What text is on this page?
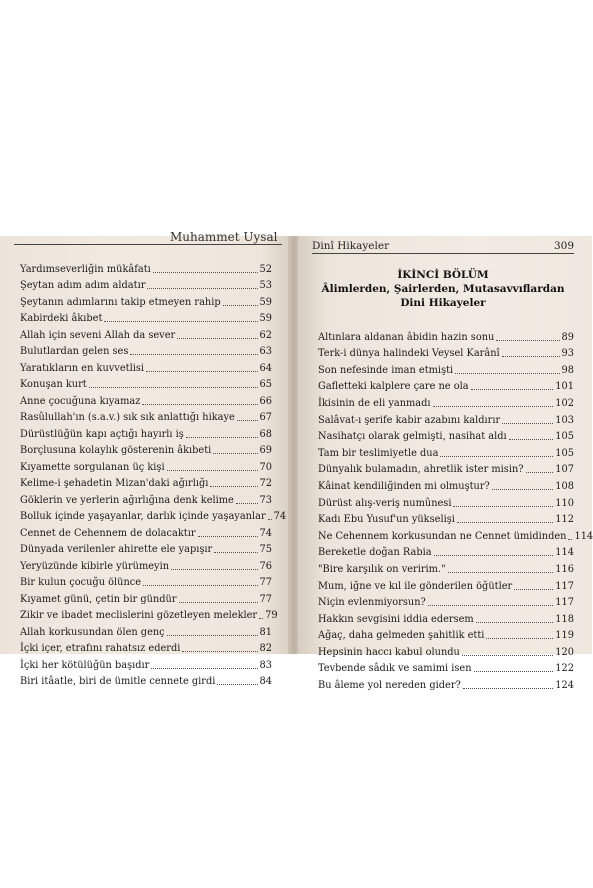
Muhammet Uysal
Yardımseverliğin mükâfatı	52
Şeytan adım adım aldatır	53
Şeytanın adımlarını takip etmeyen rahip	59
Kabirdeki âkıbet	59
Allah için seveni Allah da sever	62
Bulutlardan gelen ses	63
Yaratıkların en kuvvetlisi	64
Konuşan kurt	65
Anne çocuğuna kıyamaz	66
Rasûlullah'ın (s.a.v.) sık sık anlattığı hikaye	67
Dürüstlüğün kapı açtığı hayırlı iş	68
Borçlusuna kolaylık gösterenin âkıbeti	69
Kıyamette sorgulanan üç kişi	70
Kelime-i şehadetin Mizan'daki ağırlığı	72
Göklerin ve yerlerin ağırlığına denk kelime	73
Bolluk içinde yaşayanlar, darlık içinde yaşayanlar 74
Cennet de Cehennem de dolacaktır	74
Dünyada verilenler ahirette ele yapışır	75
Yeryüzünde kibirle yürümeyin	76
Bir kulun çocuğu ölünce	77
Kıyamet günü, çetin bir gündür	77
Zikir ve ibadet meclislerini gözetleyen melekler 79
Allah korkusundan ölen genç	81
İçki içer, etrafını rahatsız ederdi	82
İçki her kötülüğün başıdır	83
Biri itâatle, biri de ümitle cennete girdi	84
Dinî Hikayeler	309
İKİNCİ BÖLÜM
Âlimlerden, Şairlerden, Mutasavvıflardan
Dini Hikayeler
Altınlara aldanan âbidin hazin sonu	89
Terk-i dünya halindeki Veysel Karânî	93
Son nefesinde iman etmişti	98
Gafletteki kalplere çare ne ola	101
İkisinin de eli yanmadı	102
Salâvat-ı şerife kabir azabını kaldırır	103
Nasihatçı olarak gelmişti, nasihat aldı	105
Tam bir teslimiyetle dua	105
Dünyalık bulamadın, ahretlik ister misin?	107
Kâinat kendiliğinden mi olmuştur?	108
Dürüst alış-veriş numûnesi	110
Kadı Ebu Yusuf'un yükselişi	112
Ne Cehennem korkusundan ne Cennet ümidinden 114
Bereketle doğan Rabia	114
"Bire karşılık on veririm."	116
Mum, iğne ve kıl ile gönderilen öğütler	117
Niçin evlenmiyorsun?	117
Hakkın sevgisini iddia edersem	118
Ağaç, daha gelmeden şahitlik etti	119
Hepsinin haccı kabul olundu	120
Tevbende sâdık ve samimi isen	122
Bu âleme yol nereden gider?	124
